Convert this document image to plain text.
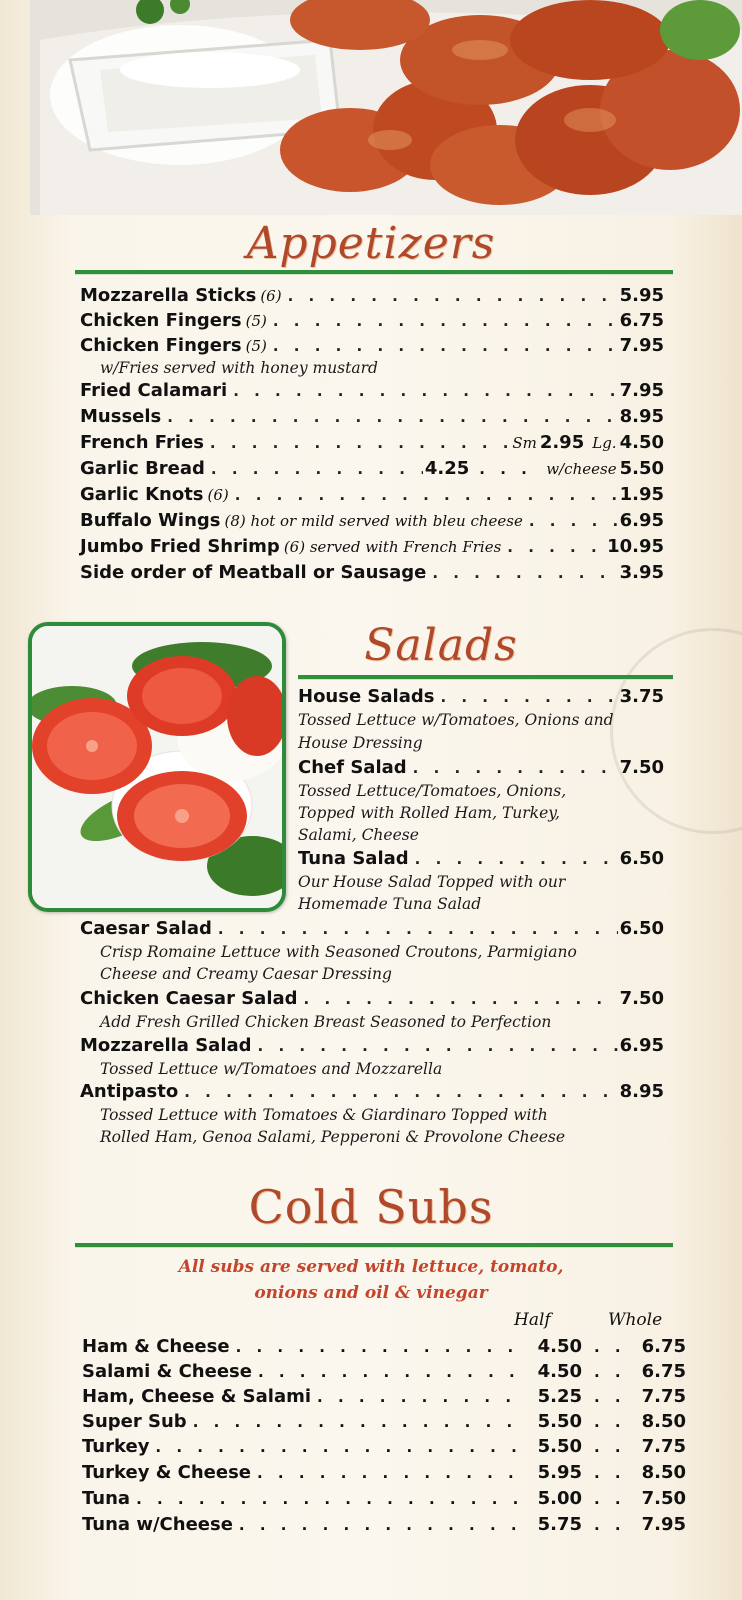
Appetizers
Mozzarella Sticks (6) . . .	5.95
Chicken Fingers (5) . . .	6.75
Chicken Fingers (5) . . .	7.95
w/Fries served with honey mustard
Fried Calamari . . .	7.95
Mussels . . .	8.95
French Fries . . .	Sm 2.95 Lg. 4.50
Garlic Bread . . .	4.25 . . .	w/cheese 5.50
Garlic Knots (6) . . .	1.95
Buffalo Wings (8) hot or mild served with bleu cheese . . .	6.95
Jumbo Fried Shrimp (6) served with French Fries . . .	10.95
Side order of Meatball or Sausage . . .	3.95
Salads
House Salads . . .	3.75
Tossed Lettuce w/Tomatoes, Onions and
House Dressing
Chef Salad . . .	7.50
Tossed Lettuce/Tomatoes, Onions,
Topped with Rolled Ham, Turkey,
Salami, Cheese
Tuna Salad . . .	6.50
Our House Salad Topped with our
Homemade Tuna Salad
Caesar Salad . . .	6.50
Crisp Romaine Lettuce with Seasoned Croutons, Parmigiano
Cheese and Creamy Caesar Dressing
Chicken Caesar Salad . . .	7.50
Add Fresh Grilled Chicken Breast Seasoned to Perfection
Mozzarella Salad . . .	6.95
Tossed Lettuce w/Tomatoes and Mozzarella
Antipasto . . .	8.95
Tossed Lettuce with Tomatoes & Giardinaro Topped with
Rolled Ham, Genoa Salami, Pepperoni & Provolone Cheese
Cold Subs
All subs are served with lettuce, tomato,
onions and oil & vinegar
Half	Whole
Ham & Cheese . . .	4.50 . . .	6.75
Salami & Cheese . . .	4.50 . . .	6.75
Ham, Cheese & Salami . . .	5.25 . . .	7.75
Super Sub . . .	5.50 . . .	8.50
Turkey . . .	5.50 . . .	7.75
Turkey & Cheese . . .	5.95 . . .	8.50
Tuna . . .	5.00 . . .	7.50
Tuna w/Cheese . . .	5.75 . . .	7.95
